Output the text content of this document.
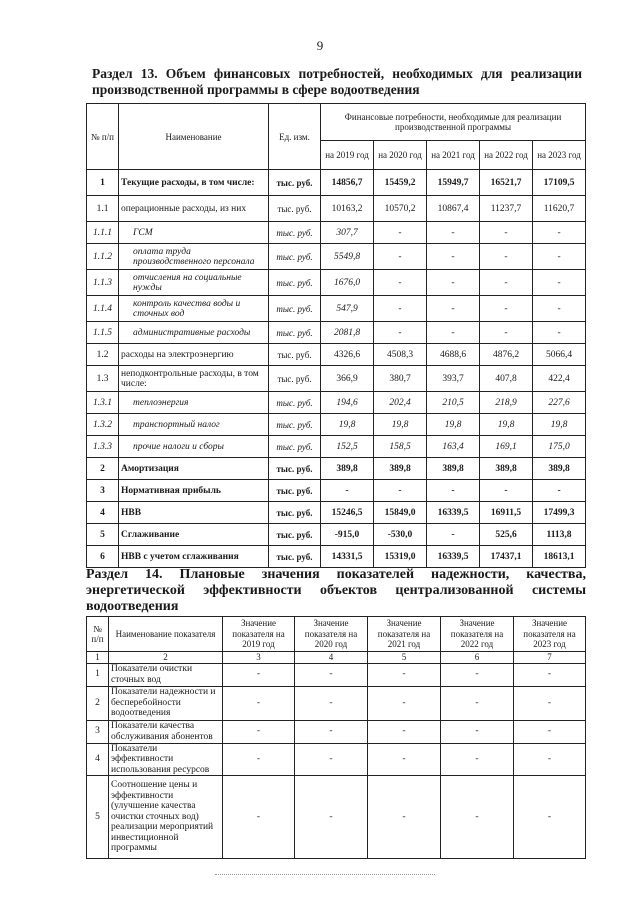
9
Раздел 13. Объем финансовых потребностей, необходимых для реализации производственной программы в сфере водоотведения
№ п/п	Наименование	Ед. изм.	Финансовые потребности, необходимые для реализации производственной программы				
			на 2019 год	на 2020 год	на 2021 год	на 2022 год	на 2023 год
1	Текущие расходы, в том числе:	тыс. руб.	14856,7	15459,2	15949,7	16521,7	17109,5
1.1	операционные расходы, из них	тыс. руб.	10163,2	10570,2	10867,4	11237,7	11620,7
1.1.1	ГСМ	тыс. руб.	307,7	-	-	-	-
1.1.2	оплата труда производственного персонала	тыс. руб.	5549,8	-	-	-	-
1.1.3	отчисления на социальные нужды	тыс. руб.	1676,0	-	-	-	-
1.1.4	контроль качества воды и сточных вод	тыс. руб.	547,9	-	-	-	-
1.1.5	административные расходы	тыс. руб.	2081,8	-	-	-	-
1.2	расходы на электроэнергию	тыс. руб.	4326,6	4508,3	4688,6	4876,2	5066,4
1.3	неподконтрольные расходы, в том числе:	тыс. руб.	366,9	380,7	393,7	407,8	422,4
1.3.1	теплоэнергия	тыс. руб.	194,6	202,4	210,5	218,9	227,6
1.3.2	транспортный налог	тыс. руб.	19,8	19,8	19,8	19,8	19,8
1.3.3	прочие налоги и сборы	тыс. руб.	152,5	158,5	163,4	169,1	175,0
2	Амортизация	тыс. руб.	389,8	389,8	389,8	389,8	389,8
3	Нормативная прибыль	тыс. руб.	-	-	-	-	-
4	НВВ	тыс. руб.	15246,5	15849,0	16339,5	16911,5	17499,3
5	Сглаживание	тыс. руб.	-915,0	-530,0	-	525,6	1113,8
6	НВВ с учетом сглаживания	тыс. руб.	14331,5	15319,0	16339,5	17437,1	18613,1
Раздел 14. Плановые значения показателей надежности, качества, энергетической эффективности объектов централизованной системы водоотведения
№ п/п	Наименование показателя	Значение показателя на 2019 год	Значение показателя на 2020 год	Значение показателя на 2021 год	Значение показателя на 2022 год	Значение показателя на 2023 год
1	2	3	4	5	6	7
1	Показатели очистки сточных вод	-	-	-	-	-
2	Показатели надежности и бесперебойности водоотведения	-	-	-	-	-
3	Показатели качества обслуживания абонентов	-	-	-	-	-
4	Показатели эффективности использования ресурсов	-	-	-	-	-
5	Соотношение цены и эффективности (улучшение качества очистки сточных вод) реализации мероприятий инвестиционной программы	-	-	-	-	-
